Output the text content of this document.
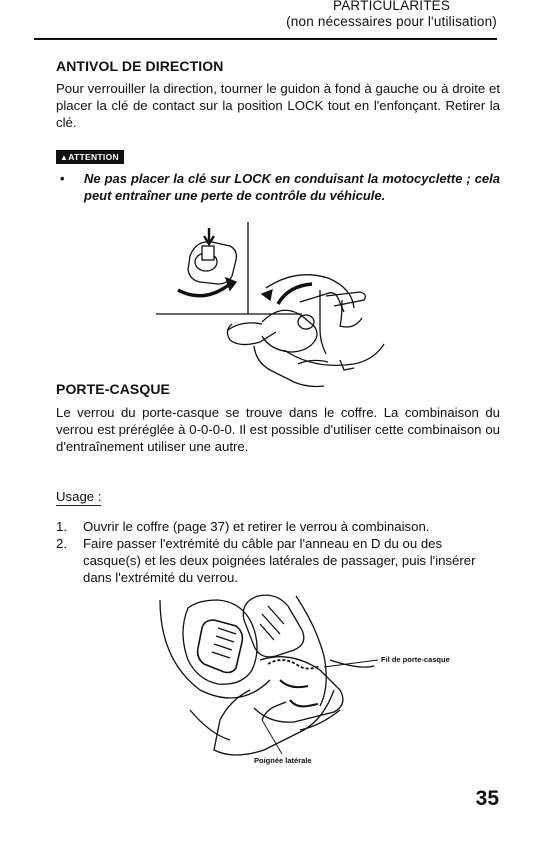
PARTICULARITES
(non nécessaires pour l'utilisation)
ANTIVOL DE DIRECTION
Pour verrouiller la direction, tourner le guidon à fond à gauche ou à droite et placer la clé de contact sur la position LOCK tout en l'enfonçant. Retirer la clé.
▲ATTENTION
• Ne pas placer la clé sur LOCK en conduisant la motocyclette ; cela peut entraîner une perte de contrôle du véhicule.
PORTE-CASQUE
Le verrou du porte-casque se trouve dans le coffre. La combinaison du verrou est préréglée à 0-0-0-0. Il est possible d'utiliser cette combinaison ou d'entraînement utiliser une autre.
Usage :
1. Ouvrir le coffre (page 37) et retirer le verrou à combinaison.
2. Faire passer l'extrémité du câble par l'anneau en D du ou des casque(s) et les deux poignées latérales de passager, puis l'insérer dans l'extrémité du verrou.
Fil de porte-casque
Poignée latérale
35
